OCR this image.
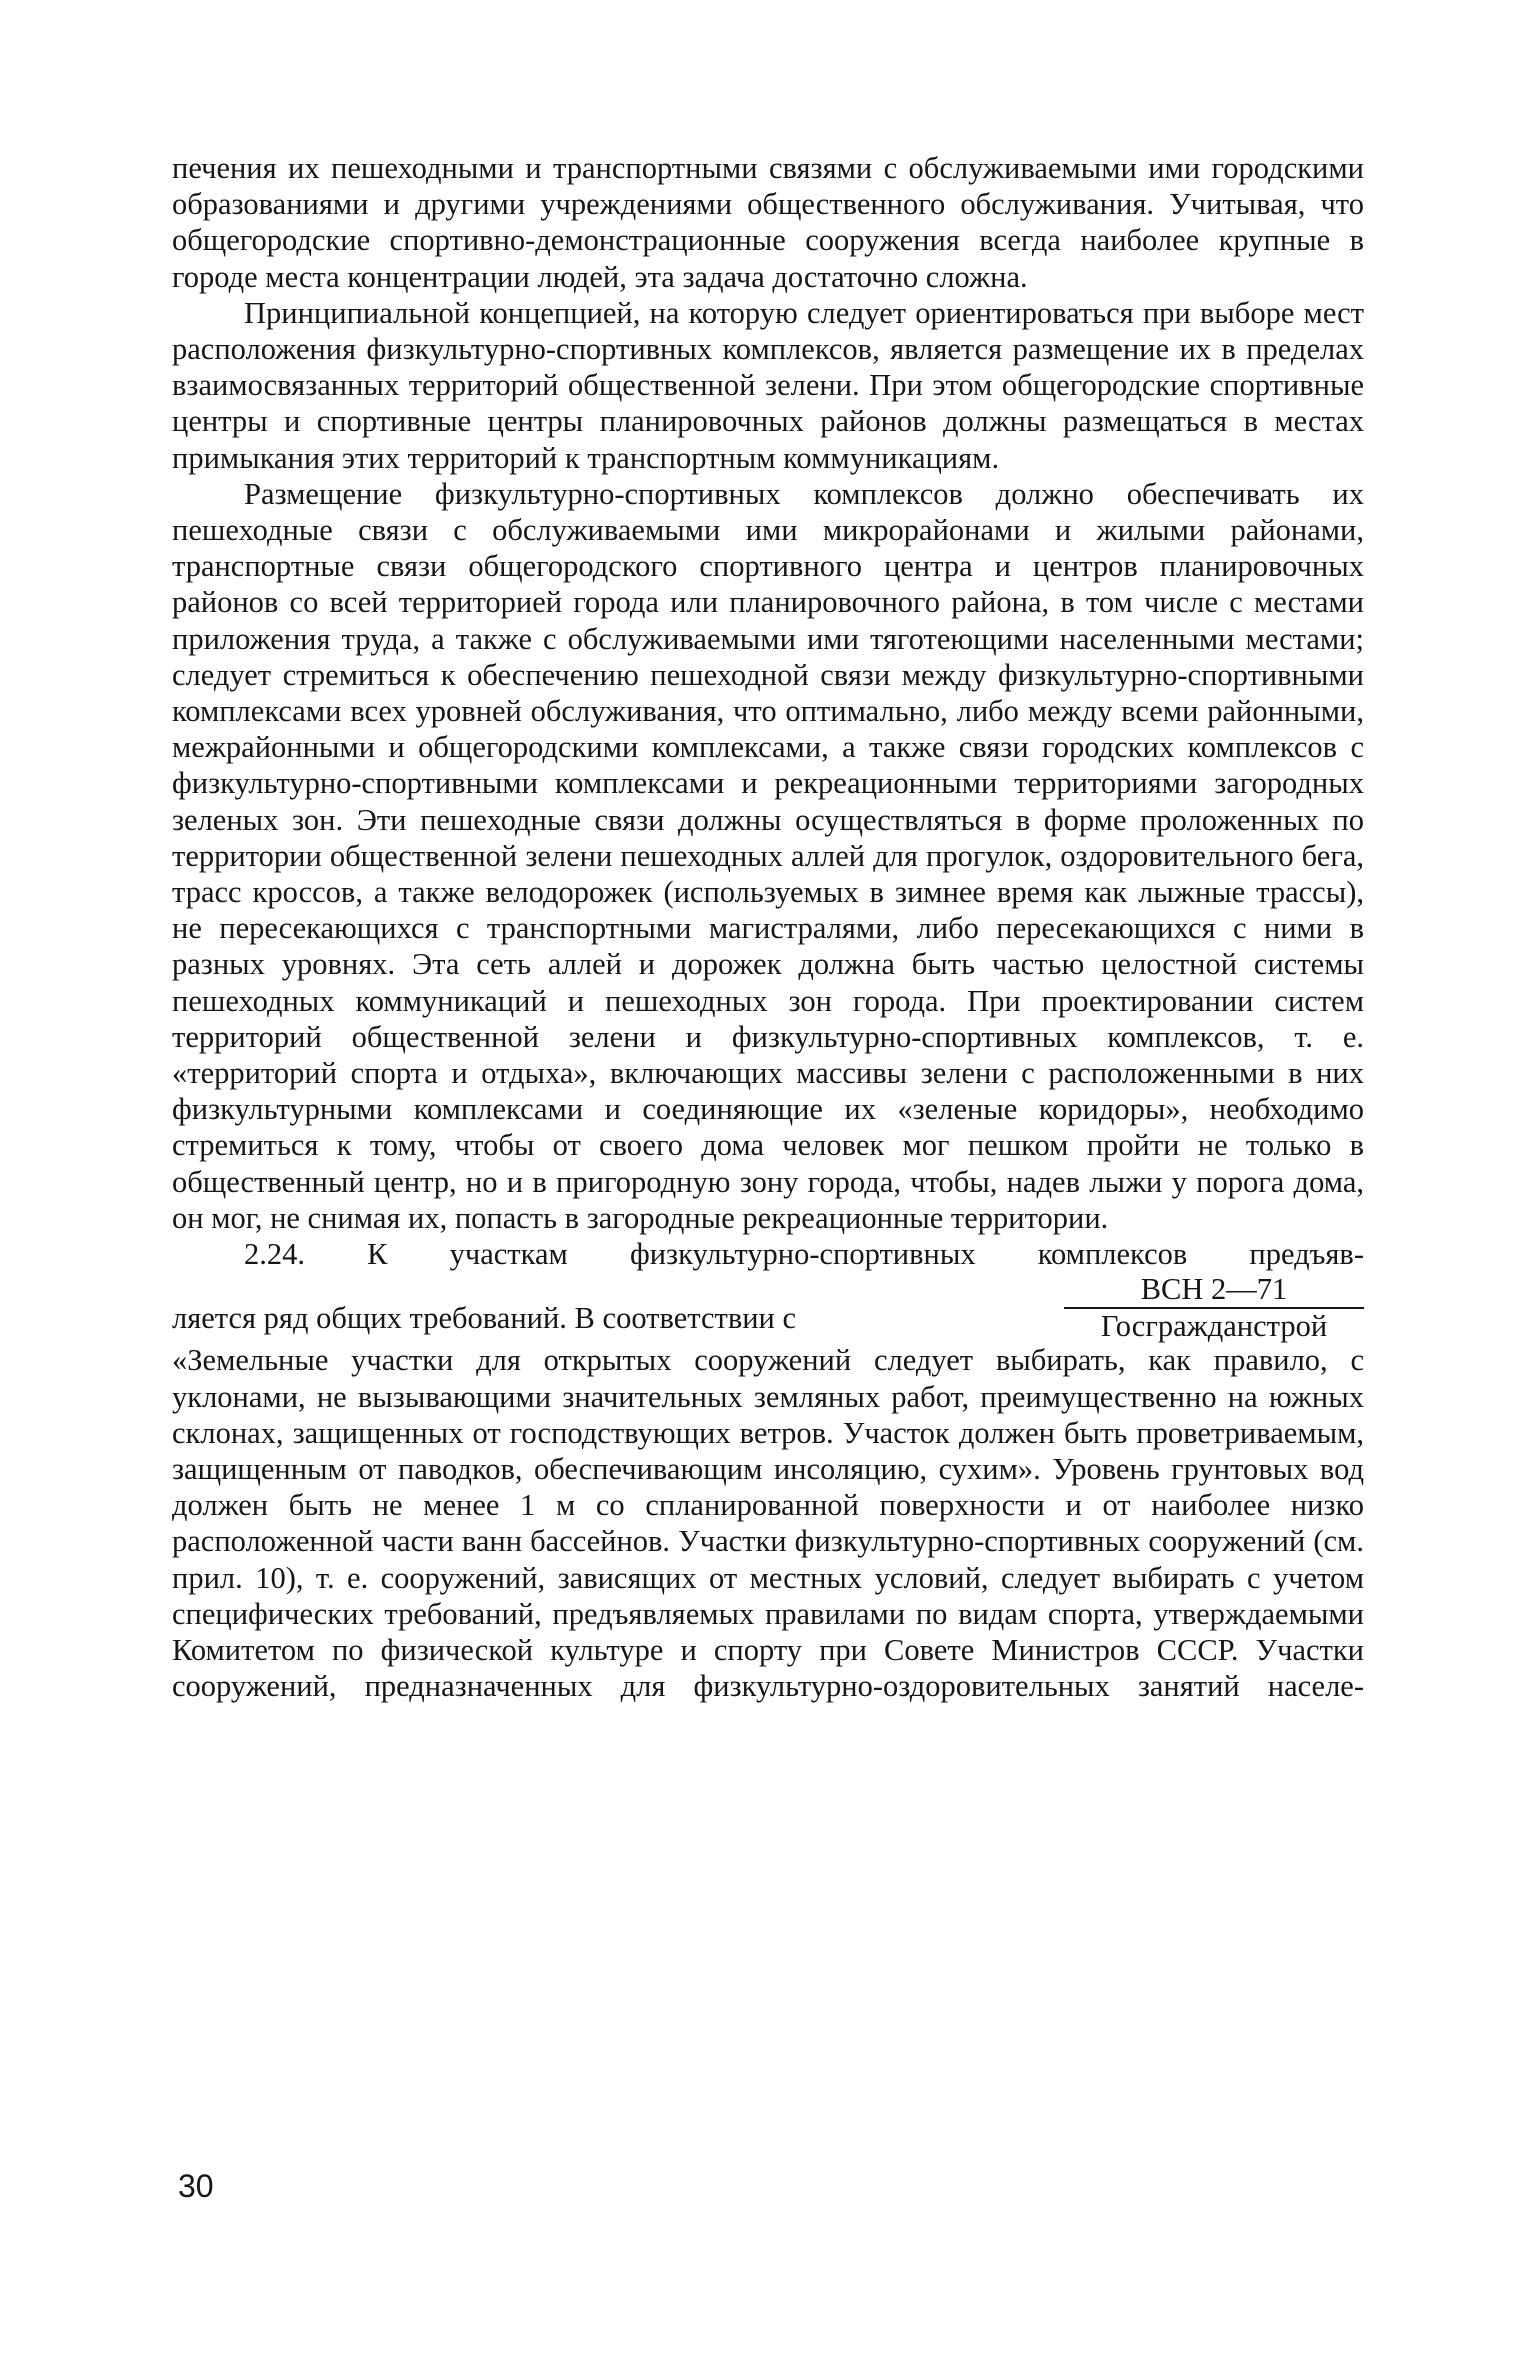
печения их пешеходными и транспортными связями с обслуживаемыми ими городскими образованиями и другими учреждениями общественного обслуживания. Учитывая, что общегородские спортивно-демонстрационные сооружения всегда наиболее крупные в городе места концентрации людей, эта задача достаточно сложна.

Принципиальной концепцией, на которую следует ориентироваться при выборе мест расположения физкультурно-спортивных комплексов, является размещение их в пределах взаимосвязанных территорий общественной зелени. При этом общегородские спортивные центры и спортивные центры планировочных районов должны размещаться в местах примыкания этих территорий к транспортным коммуникациям.

Размещение физкультурно-спортивных комплексов должно обеспечивать их пешеходные связи с обслуживаемыми ими микрорайонами и жилыми районами, транспортные связи общегородского спортивного центра и центров планировочных районов со всей территорией города или планировочного района, в том числе с местами приложения труда, а также с обслуживаемыми ими тяготеющими населенными местами; следует стремиться к обеспечению пешеходной связи между физкультурно-спортивными комплексами всех уровней обслуживания, что оптимально, либо между всеми районными, межрайонными и общегородскими комплексами, а также связи городских комплексов с физкультурно-спортивными комплексами и рекреационными территориями загородных зеленых зон. Эти пешеходные связи должны осуществляться в форме проложенных по территории общественной зелени пешеходных аллей для прогулок, оздоровительного бега, трасс кроссов, а также велодорожек (используемых в зимнее время как лыжные трассы), не пересекающихся с транспортными магистралями, либо пересекающихся с ними в разных уровнях. Эта сеть аллей и дорожек должна быть частью целостной системы пешеходных коммуникаций и пешеходных зон города. При проектировании систем территорий общественной зелени и физкультурно-спортивных комплексов, т. е. «территорий спорта и отдыха», включающих массивы зелени с расположенными в них физкультурными комплексами и соединяющие их «зеленые коридоры», необходимо стремиться к тому, чтобы от своего дома человек мог пешком пройти не только в общественный центр, но и в пригородную зону города, чтобы, надев лыжи у порога дома, он мог, не снимая их, попасть в загородные рекреационные территории.

2.24. К участкам физкультурно-спортивных комплексов предъяв-

ляется ряд общих требований. В соответствии с
ВСН 2—71
Госгражданстрой

«Земельные участки для открытых сооружений следует выбирать, как правило, с уклонами, не вызывающими значительных земляных работ, преимущественно на южных склонах, защищенных от господствующих ветров. Участок должен быть проветриваемым, защищенным от паводков, обеспечивающим инсоляцию, сухим». Уровень грунтовых вод должен быть не менее 1 м со спланированной поверхности и от наиболее низко расположенной части ванн бассейнов. Участки физкультурно-спортивных сооружений (см. прил. 10), т. е. сооружений, зависящих от местных условий, следует выбирать с учетом специфических требований, предъявляемых правилами по видам спорта, утверждаемыми Комитетом по физической культуре и спорту при Совете Министров СССР. Участки сооружений, предназначенных для физкультурно-оздоровительных занятий населе-

30
